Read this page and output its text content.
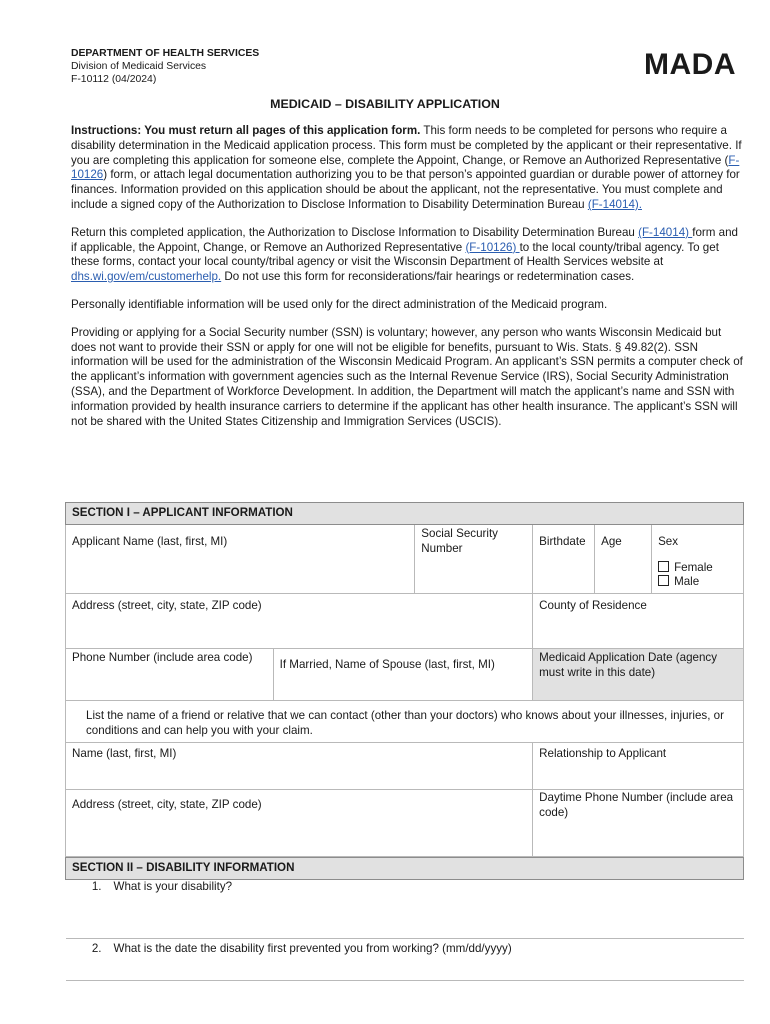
DEPARTMENT OF HEALTH SERVICES
Division of Medicaid Services
F-10112 (04/2024)	MADA
MEDICAID – DISABILITY APPLICATION

Instructions: You must return all pages of this application form. This form needs to be completed for persons who require a disability determination in the Medicaid application process. This form must be completed by the applicant or their representative. If you are completing this application for someone else, complete the Appoint, Change, or Remove an Authorized Representative (F-10126) form, or attach legal documentation authorizing you to be that person’s appointed guardian or durable power of attorney for finances. Information provided on this application should be about the applicant, not the representative. You must complete and include a signed copy of the Authorization to Disclose Information to Disability Determination Bureau (F-14014).

Return this completed application, the Authorization to Disclose Information to Disability Determination Bureau (F-14014) form and if applicable, the Appoint, Change, or Remove an Authorized Representative (F-10126) to the local county/tribal agency. To get these forms, contact your local county/tribal agency or visit the Wisconsin Department of Health Services website at dhs.wi.gov/em/customerhelp. Do not use this form for reconsiderations/fair hearings or redetermination cases.

Personally identifiable information will be used only for the direct administration of the Medicaid program.

Providing or applying for a Social Security number (SSN) is voluntary; however, any person who wants Wisconsin Medicaid but does not want to provide their SSN or apply for one will not be eligible for benefits, pursuant to Wis. Stats. § 49.82(2). SSN information will be used for the administration of the Wisconsin Medicaid Program. An applicant’s SSN permits a computer check of the applicant’s information with government agencies such as the Internal Revenue Service (IRS), Social Security Administration (SSA), and the Department of Workforce Development. In addition, the Department will match the applicant’s name and SSN with information provided by health insurance carriers to determine if the applicant has other health insurance. The applicant’s SSN will not be shared with the United States Citizenship and Immigration Services (USCIS).

SECTION I – APPLICANT INFORMATION					
Applicant Name (last, first, MI)		Social Security Number	Birthdate	Age	Sex
Female
Male

Address (street, city, state, ZIP code)			County of Residence		
Phone Number (include area code)	If Married, Name of Spouse (last, first, MI)		Medicaid Application Date (agency must write in this date)		
List the name of a friend or relative that we can contact (other than your doctors) who knows about your illnesses, injuries, or conditions and can help you with your claim.					
Name (last, first, MI)			Relationship to Applicant		
Address (street, city, state, ZIP code)			Daytime Phone Number (include area code)		
SECTION II – DISABILITY INFORMATION

1.	What is your disability?

2.	What is the date the disability first prevented you from working? (mm/dd/yyyy)
